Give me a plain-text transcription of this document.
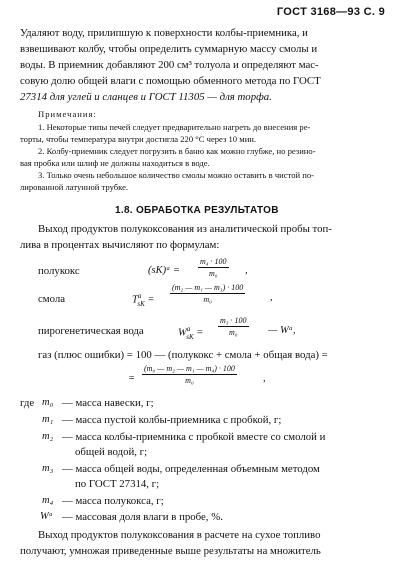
ГОСТ 3168—93 С. 9
Удаляют воду, прилипшую к поверхности колбы-приемника, и
взвешивают колбу, чтобы определить суммарную массу смолы и
воды. В приемник добавляют 200 см³ толуола и определяют мас-
совую долю общей влаги с помощью обменного метода по ГОСТ
27314 для углей и сланцев и ГОСТ 11305 — для торфа.
Примечания:
1. Некоторые типы печей следует предварительно нагреть до внесения ре-
торты, чтобы температура внутри достигла 220 °С через 10 мин.
2. Колбу-приемник следует погрузить в баню как можно глубже, но резино-
вая пробка или шлиф не должны находиться в воде.
3. Только очень небольшое количество смолы можно оставить в чистой по-
лированной латунной трубке.
1.8. ОБРАБОТКА РЕЗУЛЬТАТОВ
Выход продуктов полукоксования из аналитической пробы топ-
лива в процентах вычисляют по формулам:
полукокс	(sK)ᵃ = $\frac{\text{m₄ · 100}}{\text{m₀}}$ ,
смола	$T^a_{sK} = \frac{\text{(m₂ — m₁ — m₃) · 100}}{\text{m₀}}$ ,
пирогенетическая вода	$W^a_{sK} = \frac{\text{m₃ · 100}}{\text{m₀}}$ — Wᵃ,
газ (плюс ошибки) = 100 — (полукокс + смола + общая вода) =
= $\frac{\text{(m₀ — m₂ — m₁ — m₄) · 100}}{\text{m₀}}$ ,
где m₀ — масса навески, г;
m₁ — масса пустой колбы-приемника с пробкой, г;
m₂ — масса колбы-приемника с пробкой вместе со смолой и
общей водой, г;
m₃ — масса общей воды, определенная объемным методом
по ГОСТ 27314, г;
m₄ — масса полукокса, г;
Wᵃ — массовая доля влаги в пробе, %.
Выход продуктов полукоксования в расчете на сухое топливо
получают, умножая приведенные выше результаты на множитель
